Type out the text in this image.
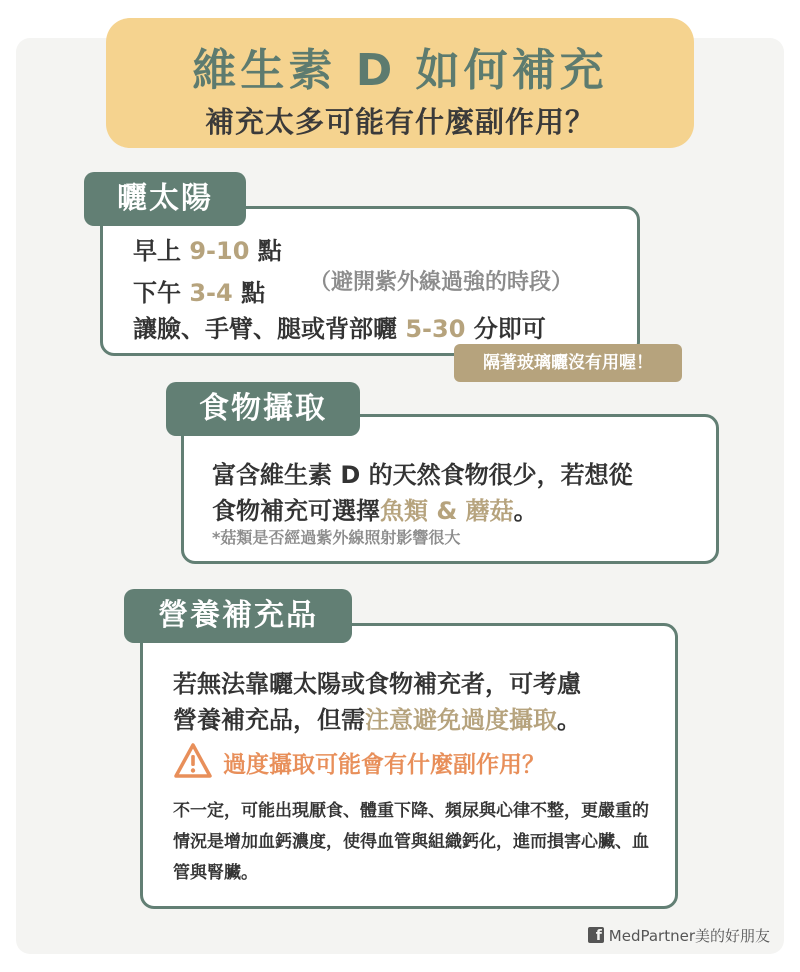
維生素 D 如何補充
補充太多可能有什麼副作用？
早上 9-10 點
下午 3-4 點 （避開紫外線過強的時段）
讓臉、手臂、腿或背部曬 5-30 分即可
曬太陽
隔著玻璃曬沒有用喔！
富含維生素 D 的天然食物很少，若想從
食物補充可選擇魚類 & 蘑菇。
*菇類是否經過紫外線照射影響很大
食物攝取
若無法靠曬太陽或食物補充者，可考慮
營養補充品，但需注意避免過度攝取。
過度攝取可能會有什麼副作用？
不一定，可能出現厭食、體重下降、頻尿與心律不整，更嚴重的情況是增加血鈣濃度，使得血管與組織鈣化，進而損害心臟、血管與腎臟。
營養補充品
f MedPartner美的好朋友
